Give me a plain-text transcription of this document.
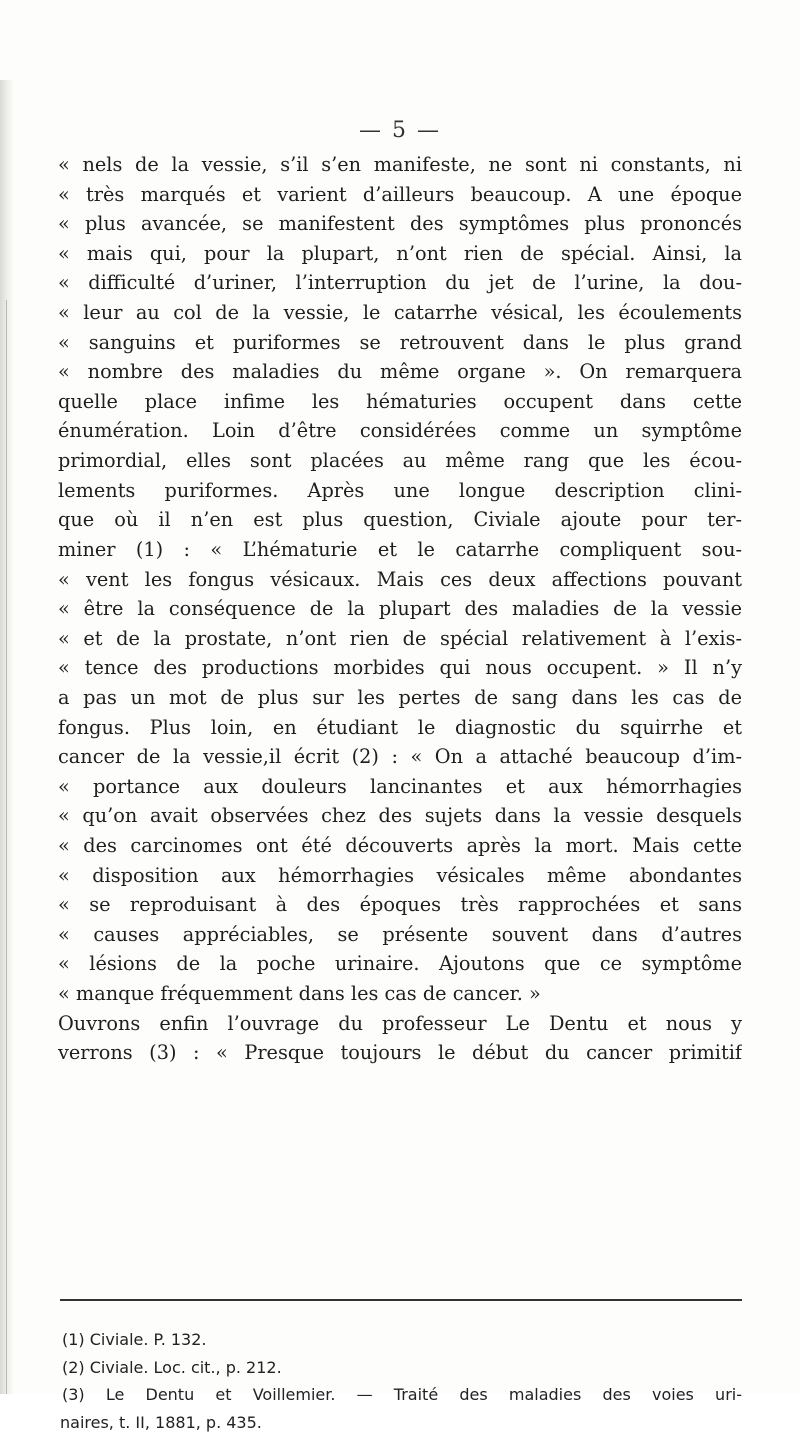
— 5 —
« nels de la vessie, s’il s’en manifeste, ne sont ni constants, ni
« très marqués et varient d’ailleurs beaucoup. A une époque
« plus avancée, se manifestent des symptômes plus prononcés
« mais qui, pour la plupart, n’ont rien de spécial. Ainsi, la
« difficulté d’uriner, l’interruption du jet de l’urine, la dou-
« leur au col de la vessie, le catarrhe vésical, les écoulements
« sanguins et puriformes se retrouvent dans le plus grand
« nombre des maladies du même organe ». On remarquera
quelle place infime les hématuries occupent dans cette
énumération. Loin d’être considérées comme un symptôme
primordial, elles sont placées au même rang que les écou-
lements puriformes. Après une longue description clini-
que où il n’en est plus question, Civiale ajoute pour ter-
miner (1) : « L’hématurie et le catarrhe compliquent sou-
« vent les fongus vésicaux. Mais ces deux affections pouvant
« être la conséquence de la plupart des maladies de la vessie
« et de la prostate, n’ont rien de spécial relativement à l’exis-
« tence des productions morbides qui nous occupent. » Il n’y
a pas un mot de plus sur les pertes de sang dans les cas de
fongus. Plus loin, en étudiant le diagnostic du squirrhe et
cancer de la vessie,il écrit (2) : « On a attaché beaucoup d’im-
« portance aux douleurs lancinantes et aux hémorrhagies
« qu’on avait observées chez des sujets dans la vessie desquels
« des carcinomes ont été découverts après la mort. Mais cette
« disposition aux hémorrhagies vésicales même abondantes
« se reproduisant à des époques très rapprochées et sans
« causes appréciables, se présente souvent dans d’autres
« lésions de la poche urinaire. Ajoutons que ce symptôme
« manque fréquemment dans les cas de cancer. »
Ouvrons enfin l’ouvrage du professeur Le Dentu et nous y
verrons (3) : « Presque toujours le début du cancer primitif
(1) Civiale. P. 132.
(2) Civiale. Loc. cit., p. 212.
(3) Le Dentu et Voillemier. — Traité des maladies des voies uri-
naires, t. II, 1881, p. 435.
